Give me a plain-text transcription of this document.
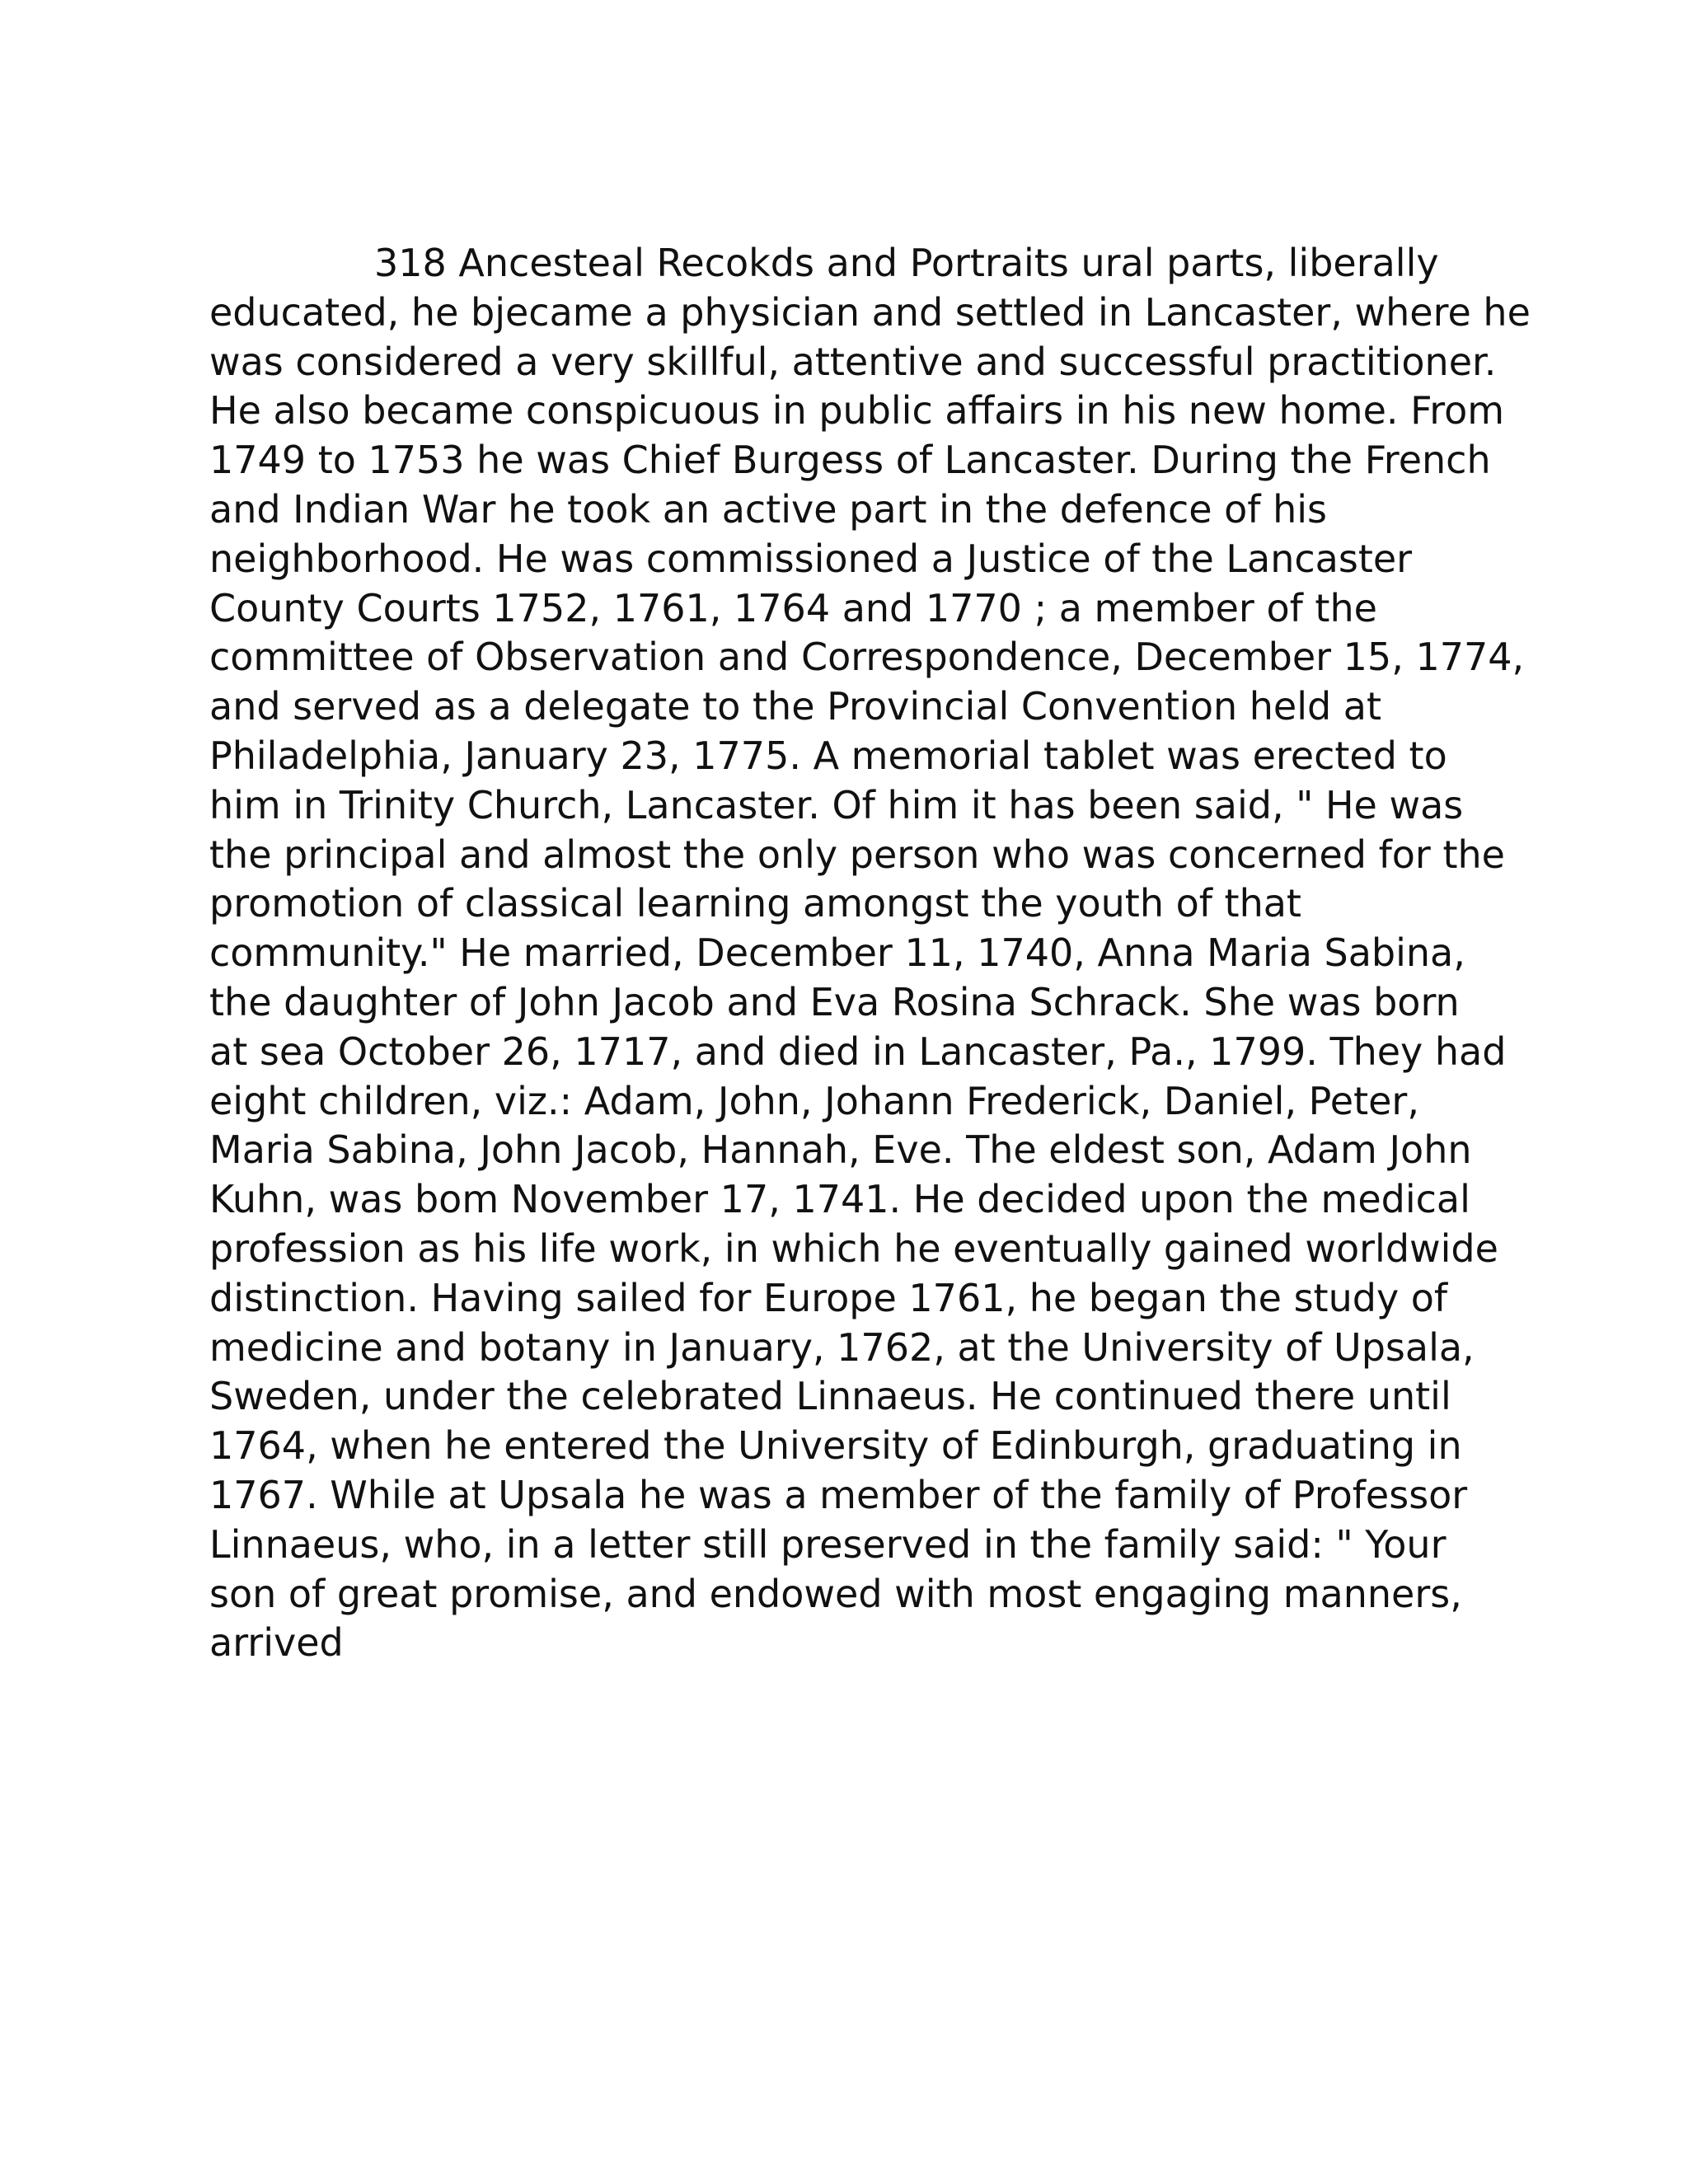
318 Ancesteal Recokds and Portraits ural parts, liberally
educated, he bjecame a physician and settled in Lancaster, where he
was considered a very skillful, attentive and successful practitioner.
He also became conspicuous in public affairs in his new home. From
1749 to 1753 he was Chief Burgess of Lancaster. During the French
and Indian War he took an active part in the defence of his
neighborhood. He was commissioned a Justice of the Lancaster
County Courts 1752, 1761, 1764 and 1770 ; a member of the
committee of Observation and Correspondence, December 15, 1774,
and served as a delegate to the Provincial Convention held at
Philadelphia, January 23, 1775. A memorial tablet was erected to
him in Trinity Church, Lancaster. Of him it has been said, " He was
the principal and almost the only person who was concerned for the
promotion of classical learning amongst the youth of that
community." He married, December 11, 1740, Anna Maria Sabina,
the daughter of John Jacob and Eva Rosina Schrack. She was born
at sea October 26, 1717, and died in Lancaster, Pa., 1799. They had
eight children, viz.: Adam, John, Johann Frederick, Daniel, Peter,
Maria Sabina, John Jacob, Hannah, Eve. The eldest son, Adam John
Kuhn, was bom November 17, 1741. He decided upon the medical
profession as his life work, in which he eventually gained worldwide
distinction. Having sailed for Europe 1761, he began the study of
medicine and botany in January, 1762, at the University of Upsala,
Sweden, under the celebrated Linnaeus. He continued there until
1764, when he entered the University of Edinburgh, graduating in
1767. While at Upsala he was a member of the family of Professor
Linnaeus, who, in a letter still preserved in the family said: " Your
son of great promise, and endowed with most engaging manners,
arrived
